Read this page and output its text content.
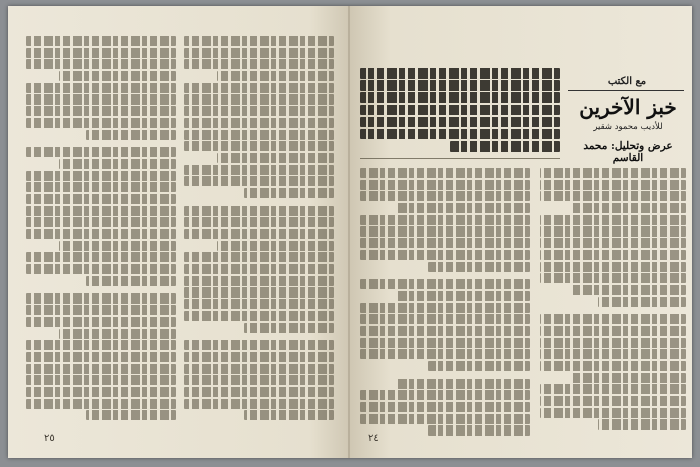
٢٥	٢٤
مع الكتب
خبز الآخرين
للأديب محمود شقير
عرض وتحليل: محمد القاسم
